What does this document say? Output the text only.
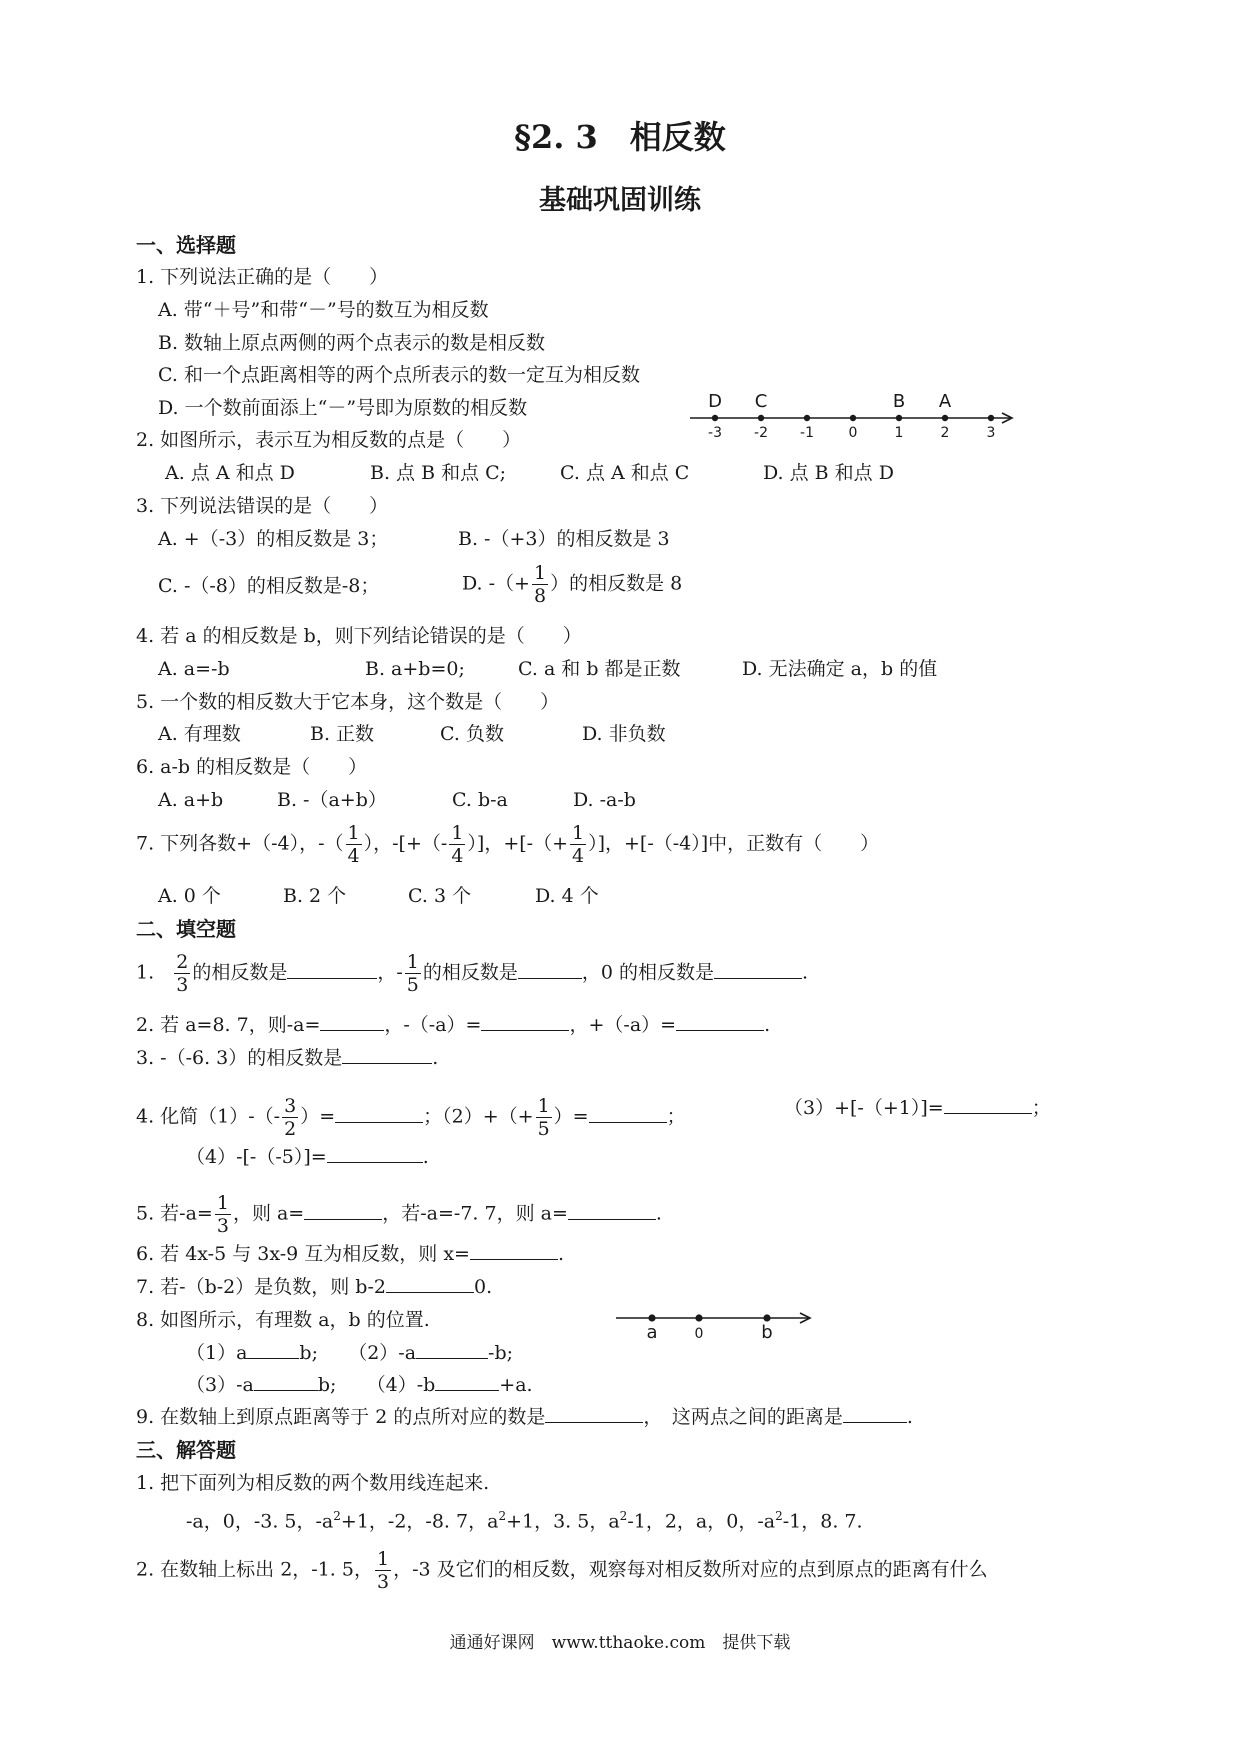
§2. 3　相反数
基础巩固训练
一、选择题
1. 下列说法正确的是（　　）
A. 带“＋号”和带“－”号的数互为相反数
B. 数轴上原点两侧的两个点表示的数是相反数
C. 和一个点距离相等的两个点所表示的数一定互为相反数
D. 一个数前面添上“－”号即为原数的相反数
-3 -2 -1 0	1	2	3
D C	B A
2. 如图所示，表示互为相反数的点是（　　）
A. 点 A 和点 D	B. 点 B 和点 C;	C. 点 A 和点 C	D. 点 B 和点 D
3. 下列说法错误的是（　　）
A. +（-3）的相反数是 3；	B. -（+3）的相反数是 3
C. -（-8）的相反数是-8；	D. -（+ $\frac{1}{8}$ ）的相反数是 8
4. 若 a 的相反数是 b，则下列结论错误的是（　　）
A. a=-b	B. a+b=0;	C. a 和 b 都是正数	D. 无法确定 a，b 的值
5. 一个数的相反数大于它本身，这个数是（　　）
A. 有理数	B. 正数	C. 负数	D. 非负数
6. a-b 的相反数是（　　）
A. a+b	B. -（a+b）	C. b-a	D. -a-b
7. 下列各数+（-4），-（ $\frac{1}{4}$ ），-[+（- $\frac{1}{4}$ ）]，+[-（+ $\frac{1}{4}$ ）]，+[-（-4）]中，正数有（　　）
A. 0 个	B. 2 个	C. 3 个	D. 4 个
二、填空题
1. $\frac{2}{3}$ 的相反数是	，- $\frac{1}{5}$ 的相反数是	，0 的相反数是	.
2. 若 a=8. 7，则-a=	，-（-a）=	，+（-a）=	.
3. -（-6. 3）的相反数是	.
4. 化简$(1)-(- \frac{3}{2}$ ）=	；$(2)+(+ \frac{1}{5}$ ）=	；	（3）+[-（+1）]=	；
（4）-[-（-5）]=	.
5. 若$-a= \frac{1}{3}$ ，则 a=	，若-a=-7. 7，则 a=	.
6. 若 4x-5 与 3x-9 互为相反数，则 x=	.
7. 若-（b-2）是负数，则 b-2	0.
8. 如图所示，有理数 a，b 的位置.
a	0	b
（1）a	b; （2）-a	-b;
（3）-a	b; （4）-b	+a.
9. 在数轴上到原点距离等于 2 的点所对应的数是	，　这两点之间的距离是	.
三、解答题
1. 把下面列为相反数的两个数用线连起来.
-a，0，-3. 5，$-a^2+1$，-2，-8. 7，$a^2+1$，3. 5，$a^2-1$，2，a，0，$-a^2-1$，8. 7.
2. 在数轴上标出 2，-1. 5， $\frac{1}{3}$ ，-3 及它们的相反数，观察每对相反数所对应的点到原点的距离有什么
通通好课网　www.tthaoke.com　提供下载
